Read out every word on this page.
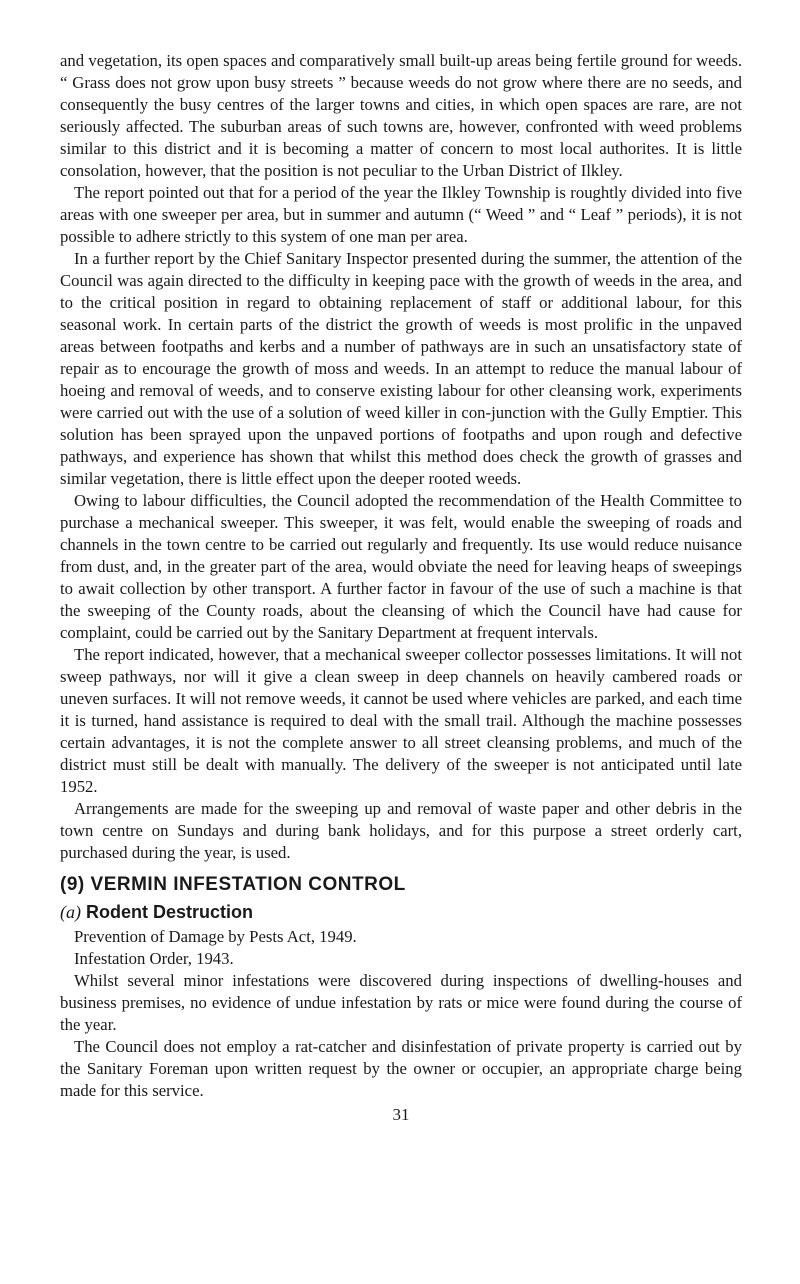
and vegetation, its open spaces and comparatively small built-up areas being fertile ground for weeds. “ Grass does not grow upon busy streets ” because weeds do not grow where there are no seeds, and consequently the busy centres of the larger towns and cities, in which open spaces are rare, are not seriously affected. The suburban areas of such towns are, however, confronted with weed problems similar to this district and it is becoming a matter of concern to most local authorites. It is little consolation, however, that the position is not peculiar to the Urban District of Ilkley.

The report pointed out that for a period of the year the Ilkley Township is roughtly divided into five areas with one sweeper per area, but in summer and autumn (“ Weed ” and “ Leaf ” periods), it is not possible to adhere strictly to this system of one man per area.

In a further report by the Chief Sanitary Inspector presented during the summer, the attention of the Council was again directed to the difficulty in keeping pace with the growth of weeds in the area, and to the critical position in regard to obtaining replacement of staff or additional labour, for this seasonal work. In certain parts of the district the growth of weeds is most prolific in the unpaved areas between footpaths and kerbs and a number of pathways are in such an unsatisfactory state of repair as to encourage the growth of moss and weeds. In an attempt to reduce the manual labour of hoeing and removal of weeds, and to conserve existing labour for other cleansing work, experiments were carried out with the use of a solution of weed killer in con-junction with the Gully Emptier. This solution has been sprayed upon the unpaved portions of footpaths and upon rough and defective pathways, and experience has shown that whilst this method does check the growth of grasses and similar vegetation, there is little effect upon the deeper rooted weeds.

Owing to labour difficulties, the Council adopted the recommendation of the Health Committee to purchase a mechanical sweeper. This sweeper, it was felt, would enable the sweeping of roads and channels in the town centre to be carried out regularly and frequently. Its use would reduce nuisance from dust, and, in the greater part of the area, would obviate the need for leaving heaps of sweepings to await collection by other transport. A further factor in favour of the use of such a machine is that the sweeping of the County roads, about the cleansing of which the Council have had cause for complaint, could be carried out by the Sanitary Department at frequent intervals.

The report indicated, however, that a mechanical sweeper collector possesses limitations. It will not sweep pathways, nor will it give a clean sweep in deep channels on heavily cambered roads or uneven surfaces. It will not remove weeds, it cannot be used where vehicles are parked, and each time it is turned, hand assistance is required to deal with the small trail. Although the machine possesses certain advantages, it is not the complete answer to all street cleansing problems, and much of the district must still be dealt with manually. The delivery of the sweeper is not anticipated until late 1952.

Arrangements are made for the sweeping up and removal of waste paper and other debris in the town centre on Sundays and during bank holidays, and for this purpose a street orderly cart, purchased during the year, is used.

(9) VERMIN INFESTATION CONTROL
(a) Rodent Destruction

Prevention of Damage by Pests Act, 1949.

Infestation Order, 1943.

Whilst several minor infestations were discovered during inspections of dwelling-houses and business premises, no evidence of undue infestation by rats or mice were found during the course of the year.

The Council does not employ a rat-catcher and disinfestation of private property is carried out by the Sanitary Foreman upon written request by the owner or occupier, an appropriate charge being made for this service.

31
